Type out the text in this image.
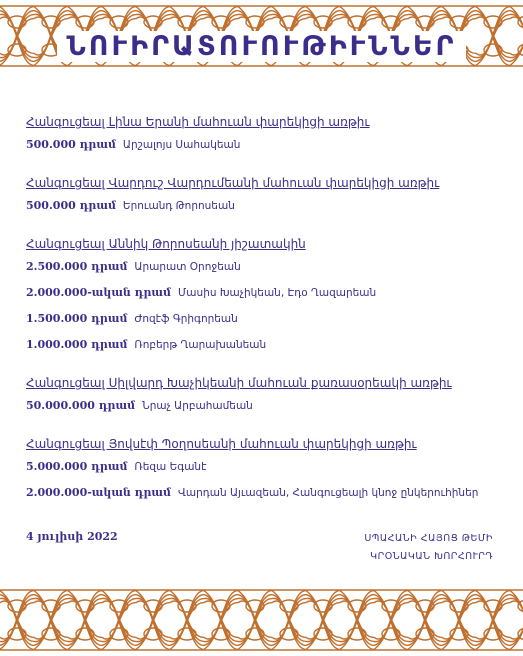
ՆՈՒԻՐԱՏՈՒՈՒԹԻՒՆՆԵՐ
Հանգուցեալ Լինա Երանի մահուան փարեկիցի առթիւ
500.000 դրամ Արշալոյս Սահակեան
Հանգուցեալ Վարդուշ Վարդումեանի մահուան փարեկիցի առթիւ
500.000 դրամ Երուանդ Թորոսեան
Հանգուցեալ Աննիկ Թորոսեանի յիշատակին
2.500.000 դրամ Արարատ Օրոջեան
2.000.000-ական դրամ Մասիս Խաչիկեան, Էդօ Ղազարեան
1.500.000 դրամ Ժոզէֆ Գրիգորեան
1.000.000 դրամ Ռոբերթ Ղարախանեան
Հանգուցեալ Սիլվարդ Խաչիկեանի մահուան քառասօրեակի առթիւ
50.000.000 դրամ Նրաչ Արբահամեան
Հանգուցեալ Յովսէփ Պօղոսեանի մահուան փարեկիցի առթիւ
5.000.000 դրամ Ռեզա Եգանէ
2.000.000-ական դրամ Վարդան Այւազեան, Հանգուցեալի կնոջ ընկերուհիներ
4 յուլիսի 2022	ՍՊԱՀԱՆԻ ՀԱՅՈՑ ԹԵՄԻ
ԿՐՕՆԱԿԱՆ ԽՈՐՀՈՒՐԴ
